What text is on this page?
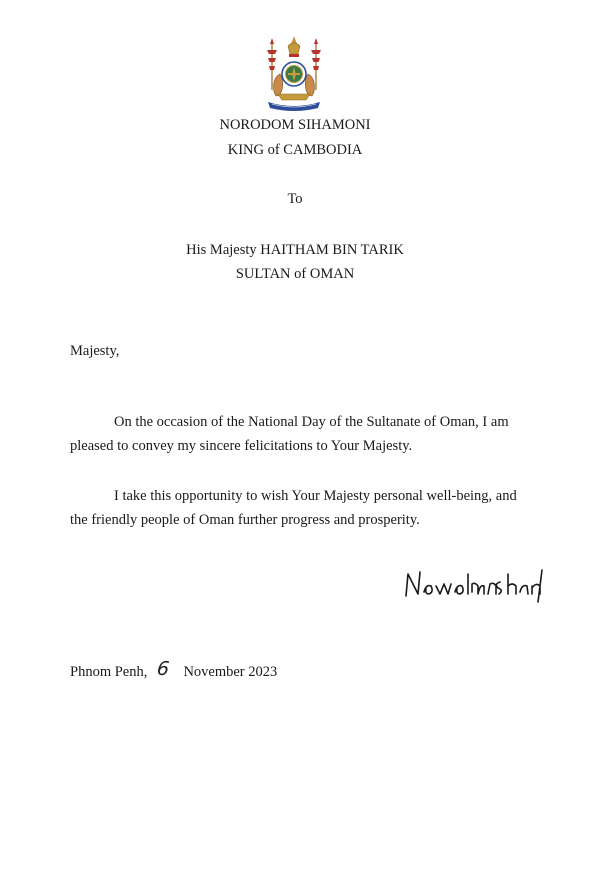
NORODOM SIHAMONI
KING of CAMBODIA
To
His Majesty HAITHAM BIN TARIK
SULTAN of OMAN
Majesty,

On the occasion of the National Day of the Sultanate of Oman, I am pleased to convey my sincere felicitations to Your Majesty.

I take this opportunity to wish Your Majesty personal well-being, and the friendly people of Oman further progress and prosperity.

Phnom Penh, 6 November 2023
